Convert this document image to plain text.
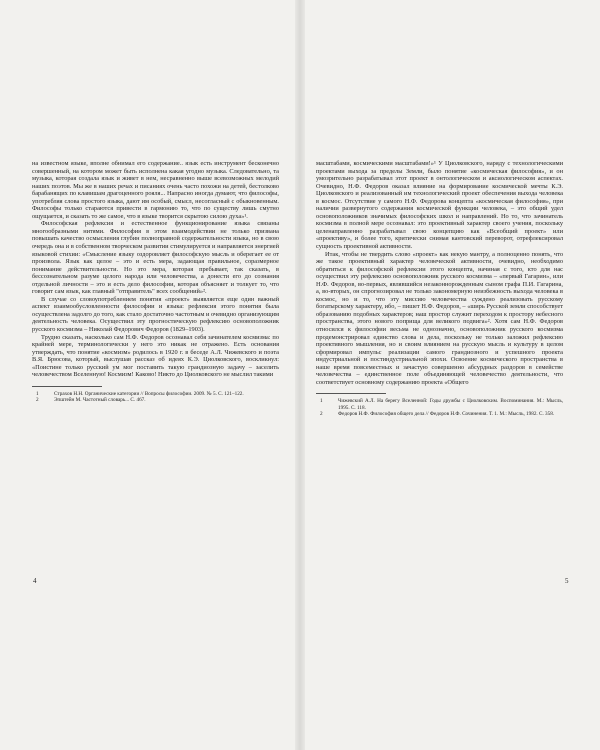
на известном языке, вполне обнимал его содержание.. язык есть инструмент бесконечно совершенный, на котором может быть исполнена какая угодно музыка. Следовательно, та музыка, которая создала язык и живет в нем, несравненно выше всевозможных мелодий наших поэтов. Мы же в наших речах и писаниях очень часто похожи на детей, бестолково барабанящих по клавишам драгоценного рояля... Напрасно иногда думают, что философы, употребляя слова простого языка, дают им особый, смысл, несогласный с обыкновенным. Философы только стараются привести в гармонию то, что по существу лишь смутно ощущается, и сказать то же самое, что в языке творится скрытою силою духа»¹.

Философская рефлексия и естественное функционирование языка связаны многообразными нитями. Философия в этом взаимодействии не только призвана повышать качество осмысления глубин полноправной содержательности языка, но в свою очередь она и в собственном творческом развитии стимулируется и направляется энергией языковой стихии: «Смысление языку оздоровляет философскую мысль и оберегает ее от произвола. Язык как целое – это и есть мера, задающая правильное, соразмерное понимание действительности. Но это мера, которая пребывает, так сказать, в бессознательном разуме целого народа или человечества, а донести его до сознания отдельной личности – это и есть дело философии, которая объясняет и толкует то, что говорит сам язык, как главный "отправитель" всех сообщений»².

В случае со словоупотреблением понятия «проект» выявляется еще один важный аспект взаимообусловленности философии и языка: рефлексия этого понятия была осуществлена задолго до того, как стало достаточно частотным и очевидно организующим деятельность человека. Осуществил эту прогностическую рефлексию основоположник русского космизма – Николай Федорович Федоров (1829–1903).

Трудно сказать, насколько сам Н.Ф. Федоров осознавал себя зачинателем космизма: по крайней мере, терминологически у него это никак не отражено. Есть основания утверждать, что понятие «космизм» родилось в 1920 г. в беседе А.Л. Чижевского и поэта В.Я. Брюсова, который, выслушав рассказ об идеях К.Э. Циолковского, воскликнул: «Поистине только русский ум мог поставить такую грандиозную задачу – заселить человечеством Вселенную! Космизм! Каково! Никто до Циолковского не мыслил такими

1	Страхов Н.Н. Органические категории // Вопросы философии. 2009. № 5. С. 121–122.
2	Эпштейн М. Частотный словарь... С. 467.

масштабами, космическими масштабами!»¹ У Циолковского, наряду с технологическими проектами выхода за пределы Земли, было понятие «космическая философия», и он умозрительно разрабатывал этот проект в онтологическом и аксиологическом аспектах. Очевидно, Н.Ф. Федоров оказал влияние на формирование космической мечты К.Э. Циолковского и реализованный им технологический проект обеспечения выхода человека в космос. Отсутствие у самого Н.Ф. Федорова концепта «космическая философия», при наличии развернутого содержания космической функции человека, – это общий удел основоположников значимых философских школ и направлений. Но то, что зачинатель космизма в полной мере осознавал: это проективный характер своего учения, поскольку целенаправленно разрабатывал свою концепцию как «Всеобщий проект» или «проективу», и более того, критически снимая кантовский переворот, отрефлексировал сущность проективной активности.

Итак, чтобы не твердить слово «проект» как некую мантру, а полноценно понять, что же такое проективный характер человеческой активности, очевидно, необходимо обратиться к философской рефлексии этого концепта, начиная с того, кто для нас осуществил эту рефлексию основоположник русского космизма – «первый Гагарин», или Н.Ф. Федоров, во-первых, являвшийся незаконнорожденным сыном графа П.И. Гагарина, а, во-вторых, он спрогнозировал не только закономерную неизбежность выхода человека в космос, но и то, что эту миссию человечества суждено реализовать русскому богатырскому характеру, ибо, – пишет Н.Ф. Федоров, – «ширь Русской земли способствует образованию подобных характеров; наш простор служит переходом к простору небесного пространства, этого нового поприща для великого подвига»². Хотя сам Н.Ф. Федоров относился к философии весьма не однозначно, основоположник русского космизма продемонстрировал единство слова и дела, поскольку не только заложил рефлексию проективного мышления, но и своим влиянием на русскую мысль и культуру в целом сформировал импульс реализации самого грандиозного и успешного проекта индустриальной и постиндустриальной эпохи. Освоение космического пространства в наше время повсеместных и зачастую совершенно абсурдных раздоров в семействе человечества – единственное поле объединяющей человечество деятельности, что соответствует основному содержанию проекта «Общего

1	Чижевский А.Л. На берегу Вселенной: Годы дружбы с Циолковским. Воспоминания. М.: Мысль, 1995. С. 118.
2	Федоров Н.Ф. Философия общего дела // Федоров Н.Ф. Сочинения. Т. 1. М.: Мысль, 1982. С. 358.
4	5
